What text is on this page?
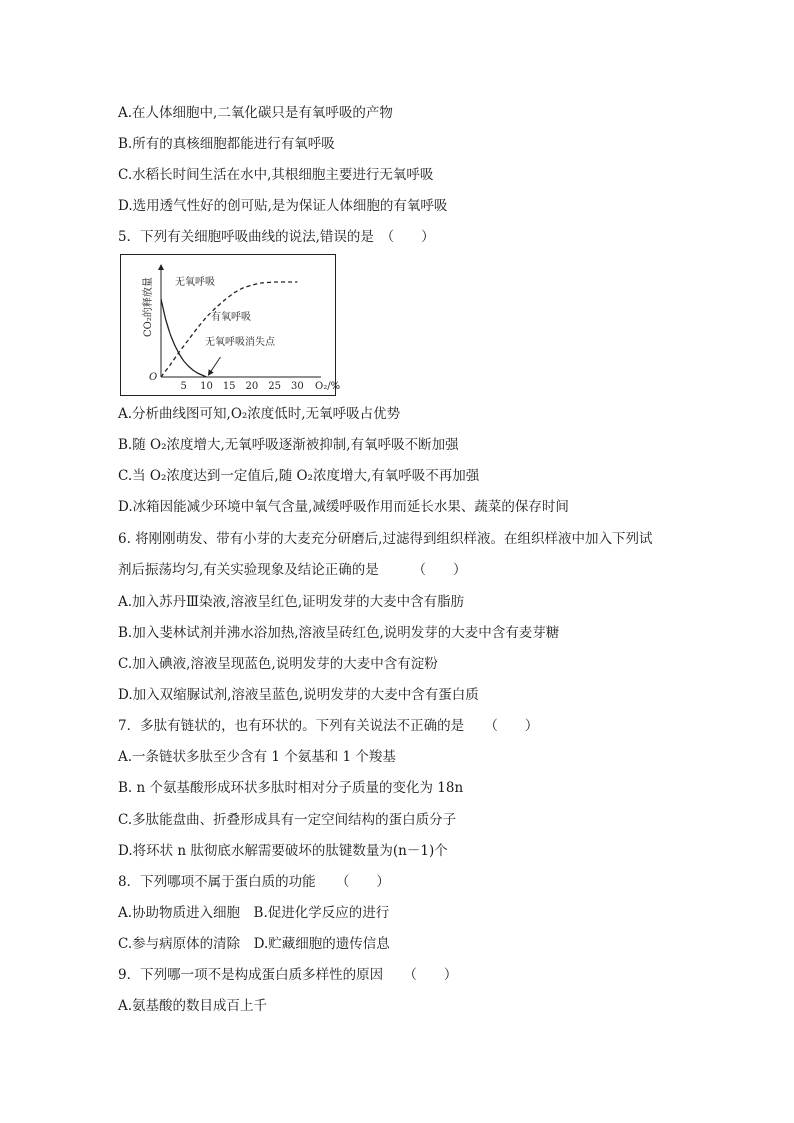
A.在人体细胞中,二氧化碳只是有氧呼吸的产物
B.所有的真核细胞都能进行有氧呼吸
C.水稻长时间生活在水中,其根细胞主要进行无氧呼吸
D.选用透气性好的创可贴,是为保证人体细胞的有氧呼吸
5．下列有关细胞呼吸曲线的说法,错误的是　（　　）
O
5 10 15 20 25 30 O₂/%
CO₂的释放量 无氧呼吸
有氧呼吸
无氧呼吸消失点
A.分析曲线图可知,O₂浓度低时,无氧呼吸占优势
B.随 O₂浓度增大,无氧呼吸逐渐被抑制,有氧呼吸不断加强
C.当 O₂浓度达到一定值后,随 O₂浓度增大,有氧呼吸不再加强
D.冰箱因能减少环境中氧气含量,减缓呼吸作用而延长水果、蔬菜的保存时间
6. 将刚刚萌发、带有小芽的大麦充分研磨后,过滤得到组织样液。在组织样液中加入下列试
剂后振荡均匀,有关实验现象及结论正确的是　　　（　　）
A.加入苏丹Ⅲ染液,溶液呈红色,证明发芽的大麦中含有脂肪
B.加入斐林试剂并沸水浴加热,溶液呈砖红色,说明发芽的大麦中含有麦芽糖
C.加入碘液,溶液呈现蓝色,说明发芽的大麦中含有淀粉
D.加入双缩脲试剂,溶液呈蓝色,说明发芽的大麦中含有蛋白质
7．多肽有链状的，也有环状的。下列有关说法不正确的是　　（　　）
A.一条链状多肽至少含有 1 个氨基和 1 个羧基
B. n 个氨基酸形成环状多肽时相对分子质量的变化为 18n
C.多肽能盘曲、折叠形成具有一定空间结构的蛋白质分子
D.将环状 n 肽彻底水解需要破坏的肽键数量为(n－1)个
8．下列哪项不属于蛋白质的功能　　（　　）
A.协助物质进入细胞　B.促进化学反应的进行
C.参与病原体的清除　D.贮藏细胞的遗传信息
9．下列哪一项不是构成蛋白质多样性的原因　　（　　）
A.氨基酸的数目成百上千
